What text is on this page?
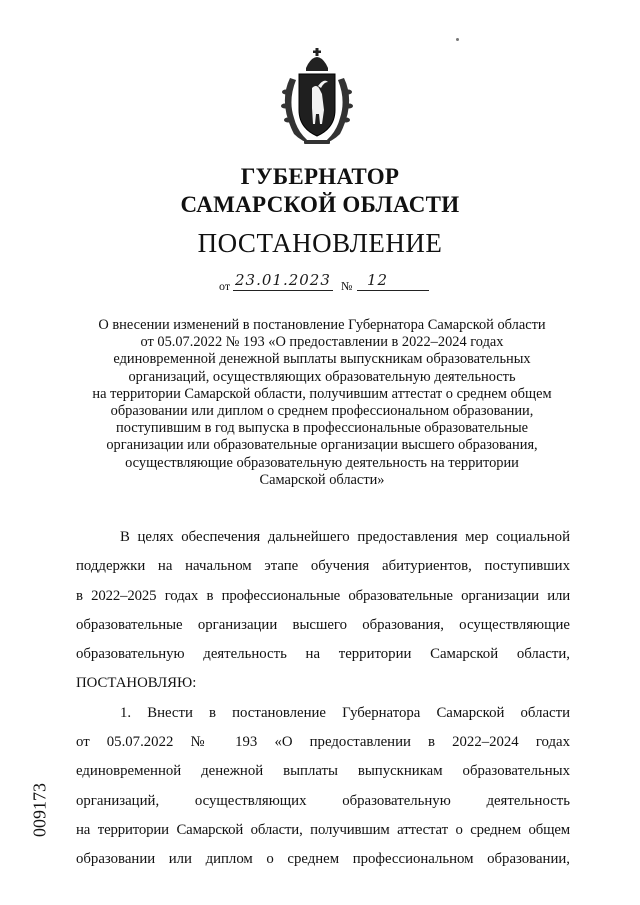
ГУБЕРНАТОР
САМАРСКОЙ ОБЛАСТИ
ПОСТАНОВЛЕНИЕ
от 23.01.2023 № 12
О внесении изменений в постановление Губернатора Самарской области
от 05.07.2022 № 193 «О предоставлении в 2022–2024 годах
единовременной денежной выплаты выпускникам образовательных
организаций, осуществляющих образовательную деятельность
на территории Самарской области, получившим аттестат о среднем общем
образовании или диплом о среднем профессиональном образовании,
поступившим в год выпуска в профессиональные образовательные
организации или образовательные организации высшего образования,
осуществляющие образовательную деятельность на территории
Самарской области»
В целях обеспечения дальнейшего предоставления мер социальной
поддержки на начальном этапе обучения абитуриентов, поступивших
в 2022–2025 годах в профессиональные образовательные организации или
образовательные организации высшего образования, осуществляющие
образовательную деятельность на территории Самарской области,
ПОСТАНОВЛЯЮ:
1. Внести в постановление Губернатора Самарской области
от 05.07.2022 № 193 «О предоставлении в 2022–2024 годах
единовременной денежной выплаты выпускникам образовательных
организаций, осуществляющих образовательную деятельность
на территории Самарской области, получившим аттестат о среднем общем
образовании или диплом о среднем профессиональном образовании,
009173
